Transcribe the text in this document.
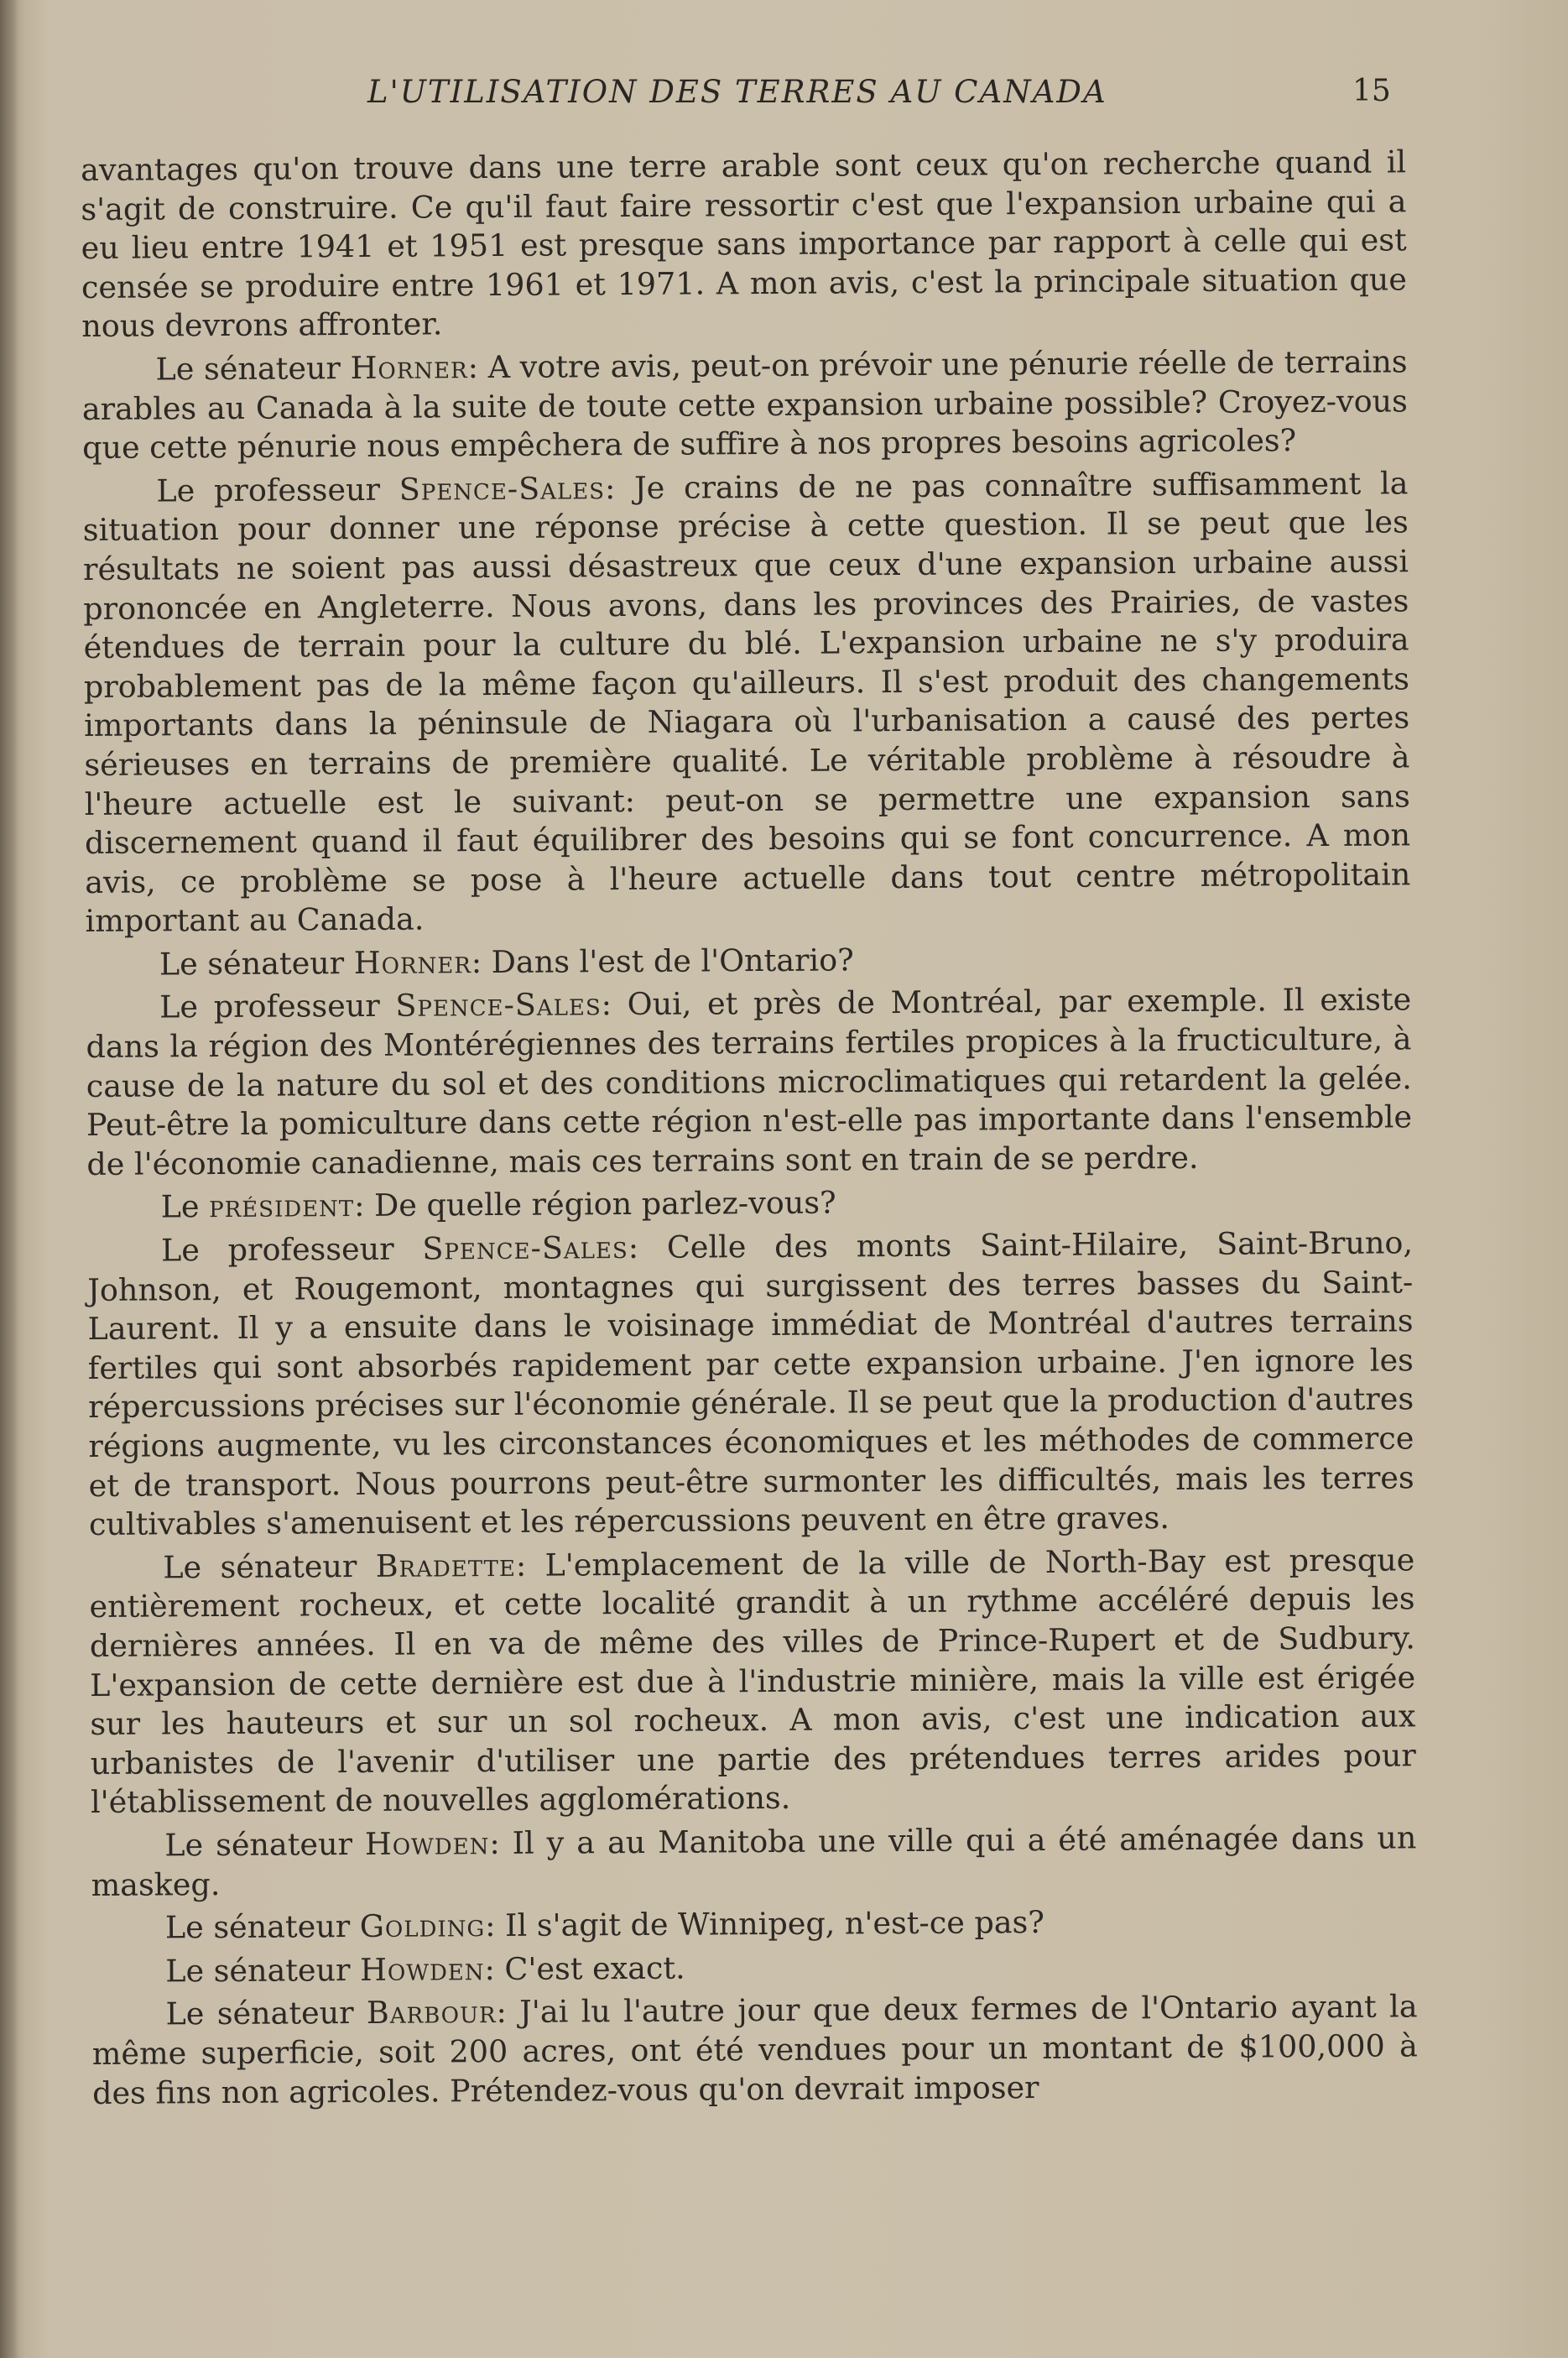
L'UTILISATION DES TERRES AU CANADA	15

avantages qu'on trouve dans une terre arable sont ceux qu'on recherche quand il s'agit de construire. Ce qu'il faut faire ressortir c'est que l'expansion urbaine qui a eu lieu entre 1941 et 1951 est presque sans importance par rapport à celle qui est censée se produire entre 1961 et 1971. A mon avis, c'est la principale situation que nous devrons affronter.

Le sénateur Horner: A votre avis, peut-on prévoir une pénurie réelle de terrains arables au Canada à la suite de toute cette expansion urbaine possible? Croyez-vous que cette pénurie nous empêchera de suffire à nos propres besoins agricoles?

Le professeur Spence-Sales: Je crains de ne pas connaître suffisamment la situation pour donner une réponse précise à cette question. Il se peut que les résultats ne soient pas aussi désastreux que ceux d'une expansion urbaine aussi prononcée en Angleterre. Nous avons, dans les provinces des Prairies, de vastes étendues de terrain pour la culture du blé. L'expansion urbaine ne s'y produira probablement pas de la même façon qu'ailleurs. Il s'est produit des changements importants dans la péninsule de Niagara où l'urbanisation a causé des pertes sérieuses en terrains de première qualité. Le véritable problème à résoudre à l'heure actuelle est le suivant: peut-on se permettre une expansion sans discernement quand il faut équilibrer des besoins qui se font concurrence. A mon avis, ce problème se pose à l'heure actuelle dans tout centre métropolitain important au Canada.

Le sénateur Horner: Dans l'est de l'Ontario?

Le professeur Spence-Sales: Oui, et près de Montréal, par exemple. Il existe dans la région des Montérégiennes des terrains fertiles propices à la fructiculture, à cause de la nature du sol et des conditions microclimatiques qui retardent la gelée. Peut-être la pomiculture dans cette région n'est-elle pas importante dans l'ensemble de l'économie canadienne, mais ces terrains sont en train de se perdre.

Le président: De quelle région parlez-vous?

Le professeur Spence-Sales: Celle des monts Saint-Hilaire, Saint-Bruno, Johnson, et Rougemont, montagnes qui surgissent des terres basses du Saint-Laurent. Il y a ensuite dans le voisinage immédiat de Montréal d'autres terrains fertiles qui sont absorbés rapidement par cette expansion urbaine. J'en ignore les répercussions précises sur l'économie générale. Il se peut que la production d'autres régions augmente, vu les circonstances économiques et les méthodes de commerce et de transport. Nous pourrons peut-être surmonter les difficultés, mais les terres cultivables s'amenuisent et les répercussions peuvent en être graves.

Le sénateur Bradette: L'emplacement de la ville de North-Bay est presque entièrement rocheux, et cette localité grandit à un rythme accéléré depuis les dernières années. Il en va de même des villes de Prince-Rupert et de Sudbury. L'expansion de cette dernière est due à l'industrie minière, mais la ville est érigée sur les hauteurs et sur un sol rocheux. A mon avis, c'est une indication aux urbanistes de l'avenir d'utiliser une partie des prétendues terres arides pour l'établissement de nouvelles agglomérations.

Le sénateur Howden: Il y a au Manitoba une ville qui a été aménagée dans un maskeg.

Le sénateur Golding: Il s'agit de Winnipeg, n'est-ce pas?

Le sénateur Howden: C'est exact.

Le sénateur Barbour: J'ai lu l'autre jour que deux fermes de l'Ontario ayant la même superficie, soit 200 acres, ont été vendues pour un montant de $100,000 à des fins non agricoles. Prétendez-vous qu'on devrait imposer
